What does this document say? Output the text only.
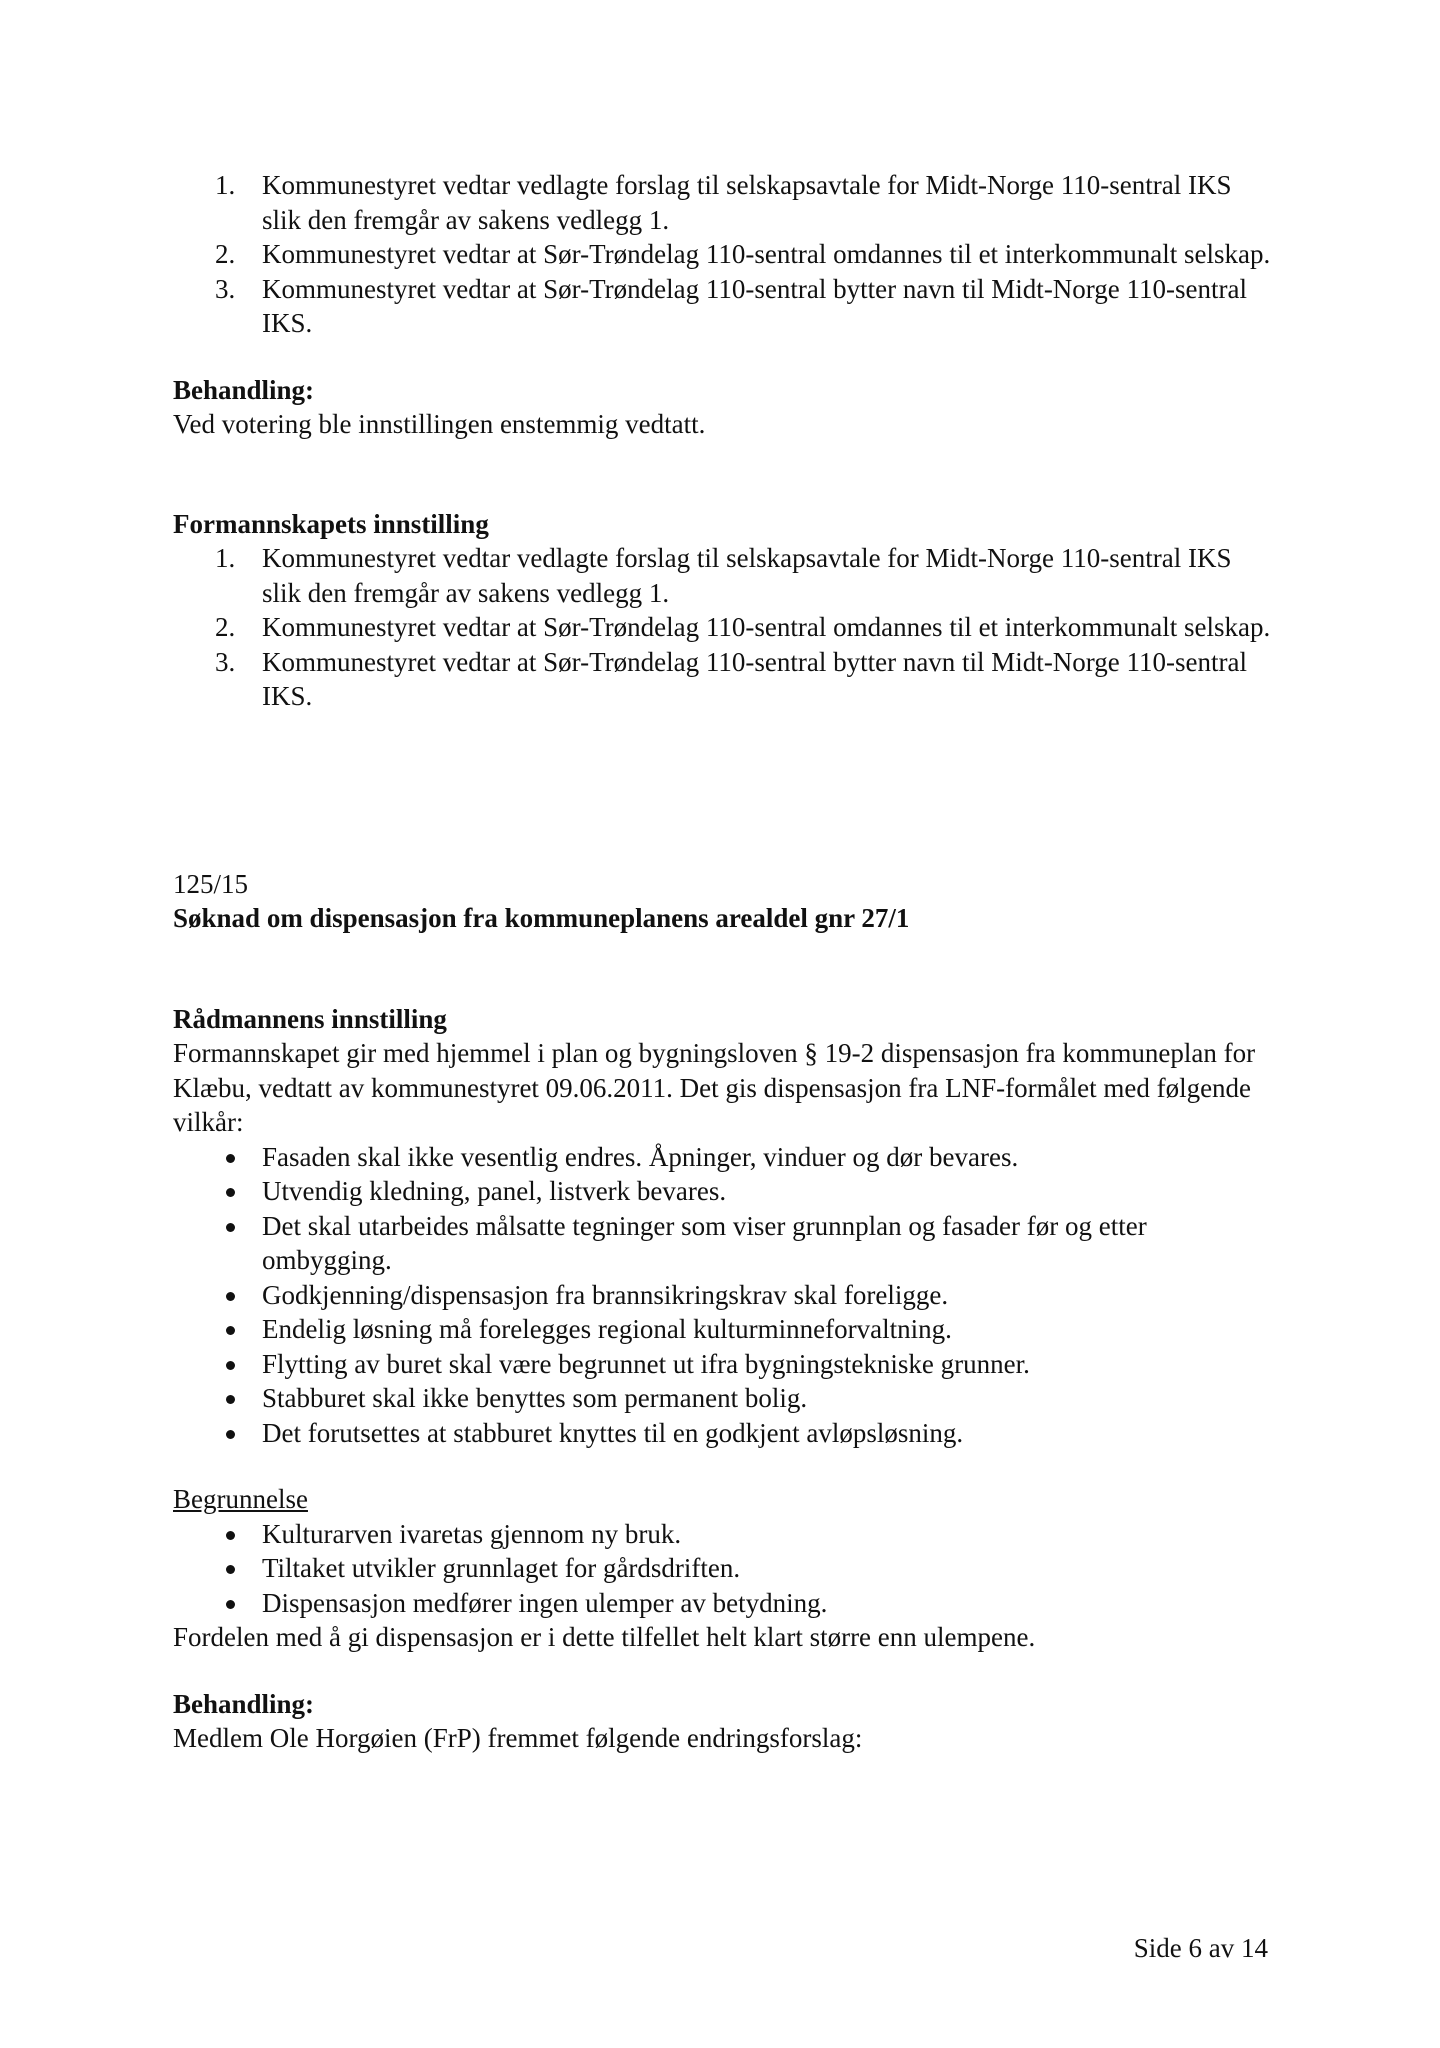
Kommunestyret vedtar vedlagte forslag til selskapsavtale for Midt-Norge 110-sentral IKS slik den fremgår av sakens vedlegg 1.
Kommunestyret vedtar at Sør-Trøndelag 110-sentral omdannes til et interkommunalt selskap.
Kommunestyret vedtar at Sør-Trøndelag 110-sentral bytter navn til Midt-Norge 110-sentral IKS.

Behandling:

Ved votering ble innstillingen enstemmig vedtatt.

Formannskapets innstilling

Kommunestyret vedtar vedlagte forslag til selskapsavtale for Midt-Norge 110-sentral IKS slik den fremgår av sakens vedlegg 1.
Kommunestyret vedtar at Sør-Trøndelag 110-sentral omdannes til et interkommunalt selskap.
Kommunestyret vedtar at Sør-Trøndelag 110-sentral bytter navn til Midt-Norge 110-sentral IKS.

125/15

Søknad om dispensasjon fra kommuneplanens arealdel gnr 27/1

Rådmannens innstilling

Formannskapet gir med hjemmel i plan og bygningsloven § 19-2 dispensasjon fra kommuneplan for Klæbu, vedtatt av kommunestyret 09.06.2011. Det gis dispensasjon fra LNF-formålet med følgende vilkår:

Fasaden skal ikke vesentlig endres. Åpninger, vinduer og dør bevares.
Utvendig kledning, panel, listverk bevares.
Det skal utarbeides målsatte tegninger som viser grunnplan og fasader før og etter ombygging.
Godkjenning/dispensasjon fra brannsikringskrav skal foreligge.
Endelig løsning må forelegges regional kulturminneforvaltning.
Flytting av buret skal være begrunnet ut ifra bygningstekniske grunner.
Stabburet skal ikke benyttes som permanent bolig.
Det forutsettes at stabburet knyttes til en godkjent avløpsløsning.

Begrunnelse

Kulturarven ivaretas gjennom ny bruk.
Tiltaket utvikler grunnlaget for gårdsdriften.
Dispensasjon medfører ingen ulemper av betydning.

Fordelen med å gi dispensasjon er i dette tilfellet helt klart større enn ulempene.

Behandling:

Medlem Ole Horgøien (FrP) fremmet følgende endringsforslag:

Side 6 av 14
